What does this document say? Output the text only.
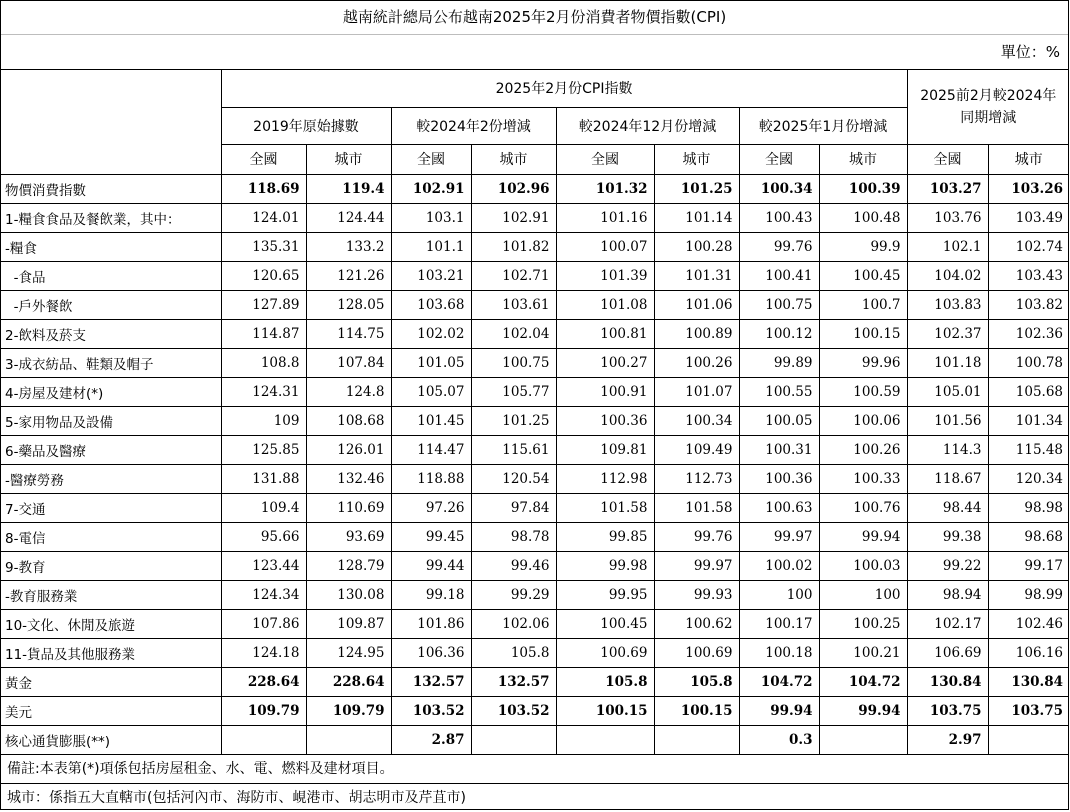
越南統計總局公布越南2025年2月份消費者物價指數(CPI)
單位：%
	2025年2月份CPI指數								2025前2月較2024年同期增減	
	2019年原始據數		較2024年2份增減		較2024年12月份增減		較2025年1月份增減			
	全國	城市	全國	城市	全國	城市	全國	城市	全國	城市
物價消費指數	118.69	119.4	102.91	102.96	101.32	101.25	100.34	100.39	103.27	103.26
1-糧食食品及餐飲業，其中：	124.01	124.44	103.1	102.91	101.16	101.14	100.43	100.48	103.76	103.49
-糧食	135.31	133.2	101.1	101.82	100.07	100.28	99.76	99.9	102.1	102.74
-食品	120.65	121.26	103.21	102.71	101.39	101.31	100.41	100.45	104.02	103.43
-戶外餐飲	127.89	128.05	103.68	103.61	101.08	101.06	100.75	100.7	103.83	103.82
2-飲料及菸支	114.87	114.75	102.02	102.04	100.81	100.89	100.12	100.15	102.37	102.36
3-成衣紡品、鞋類及帽子	108.8	107.84	101.05	100.75	100.27	100.26	99.89	99.96	101.18	100.78
4-房屋及建材(*)	124.31	124.8	105.07	105.77	100.91	101.07	100.55	100.59	105.01	105.68
5-家用物品及設備	109	108.68	101.45	101.25	100.36	100.34	100.05	100.06	101.56	101.34
6-藥品及醫療	125.85	126.01	114.47	115.61	109.81	109.49	100.31	100.26	114.3	115.48
-醫療勞務	131.88	132.46	118.88	120.54	112.98	112.73	100.36	100.33	118.67	120.34
7-交通	109.4	110.69	97.26	97.84	101.58	101.58	100.63	100.76	98.44	98.98
8-電信	95.66	93.69	99.45	98.78	99.85	99.76	99.97	99.94	99.38	98.68
9-教育	123.44	128.79	99.44	99.46	99.98	99.97	100.02	100.03	99.22	99.17
-教育服務業	124.34	130.08	99.18	99.29	99.95	99.93	100	100	98.94	98.99
10-文化、休閒及旅遊	107.86	109.87	101.86	102.06	100.45	100.62	100.17	100.25	102.17	102.46
11-貨品及其他服務業	124.18	124.95	106.36	105.8	100.69	100.69	100.18	100.21	106.69	106.16
黃金	228.64	228.64	132.57	132.57	105.8	105.8	104.72	104.72	130.84	130.84
美元	109.79	109.79	103.52	103.52	100.15	100.15	99.94	99.94	103.75	103.75
核心通貨膨脹(**)			2.87				0.3		2.97	
備註:本表第(*)項係包括房屋租金、水、電、燃料及建材項目。
城市：係指五大直轄市(包括河內市、海防市、峴港市、胡志明市及芹苴市)
